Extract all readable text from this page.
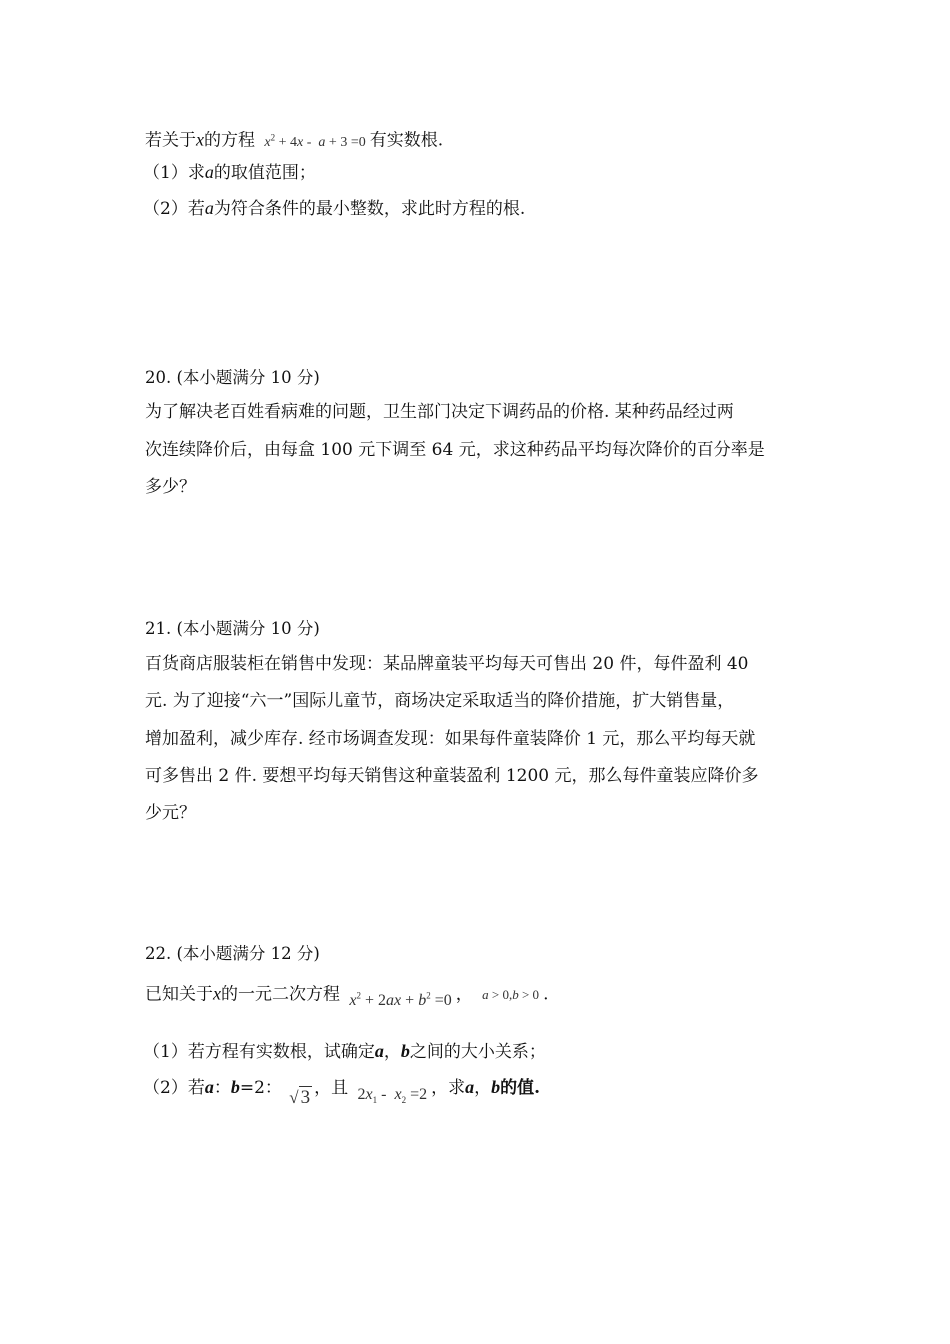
若关于x的方程 $x^2 + 4x - a + 3 =0$ 有实数根.
（1）求a的取值范围；
（2）若a为符合条件的最小整数，求此时方程的根.
20. (本小题满分 10 分)
为了解决老百姓看病难的问题，卫生部门决定下调药品的价格. 某种药品经过两
次连续降价后，由每盒 100 元下调至 64 元，求这种药品平均每次降价的百分率是
多少？
21. (本小题满分 10 分)
百货商店服装柜在销售中发现：某品牌童装平均每天可售出 20 件，每件盈利 40
元. 为了迎接“六一”国际儿童节，商场决定采取适当的降价措施，扩大销售量，
增加盈利，减少库存. 经市场调查发现：如果每件童装降价 1 元，那么平均每天就
可多售出 2 件. 要想平均每天销售这种童装盈利 1200 元，那么每件童装应降价多
少元？
22. (本小题满分 12 分)
已知关于x的一元二次方程 $x^2 + 2ax + b^2 =0$ ， a > 0,b > 0 .
（1）若方程有实数根，试确定a，b之间的大小关系；
（2）若a：b=2： √ 3 ，且 $2x_1 - x_2 =2$ ，求a，b的值.
